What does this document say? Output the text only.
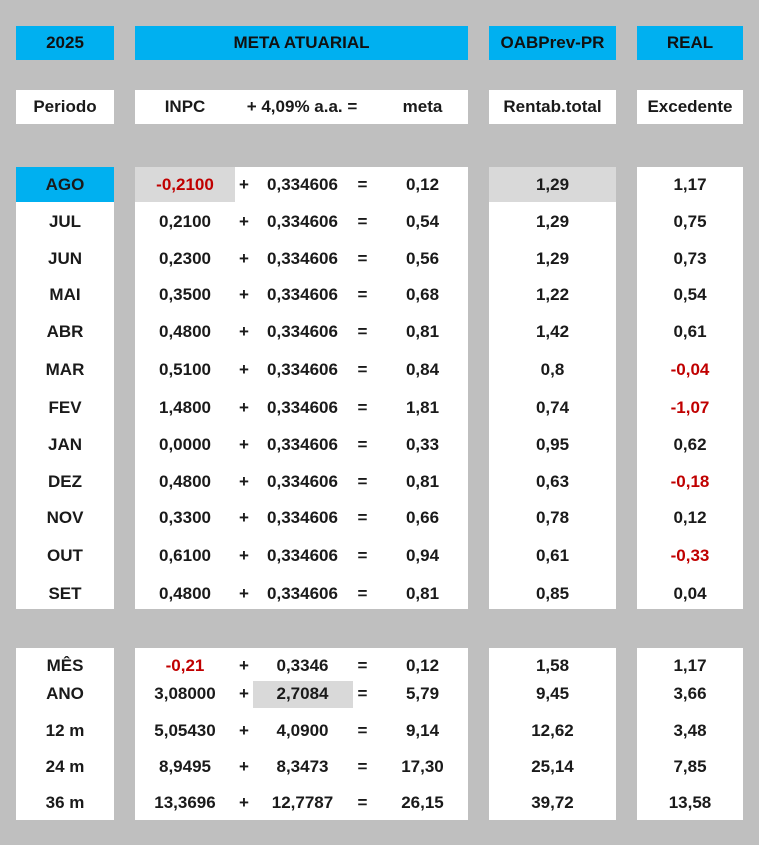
2025	META ATUARIAL	OABPrev-PR	REAL
Periodo	INPC	+ 4,09% a.a. =	meta	Rentab.total	Excedente
AGO	-0,2100	+	0,334606	=	0,12	1,29	1,17
JUL	0,2100	+	0,334606	=	0,54	1,29	0,75
JUN	0,2300	+	0,334606	=	0,56	1,29	0,73
MAI	0,3500	+	0,334606	=	0,68	1,22	0,54
ABR	0,4800	+	0,334606	=	0,81	1,42	0,61
MAR	0,5100	+	0,334606	=	0,84	0,8	-0,04
FEV	1,4800	+	0,334606	=	1,81	0,74	-1,07
JAN	0,0000	+	0,334606	=	0,33	0,95	0,62
DEZ	0,4800	+	0,334606	=	0,81	0,63	-0,18
NOV	0,3300	+	0,334606	=	0,66	0,78	0,12
OUT	0,6100	+	0,334606	=	0,94	0,61	-0,33
SET	0,4800	+	0,334606	=	0,81	0,85	0,04
MÊS	-0,21	+	0,3346	=	0,12	1,58	1,17
ANO	3,08000	+	2,7084	=	5,79	9,45	3,66
12 m	5,05430	+	4,0900	=	9,14	12,62	3,48
24 m	8,9495	+	8,3473	=	17,30	25,14	7,85
36 m	13,3696	+	12,7787	=	26,15	39,72	13,58
